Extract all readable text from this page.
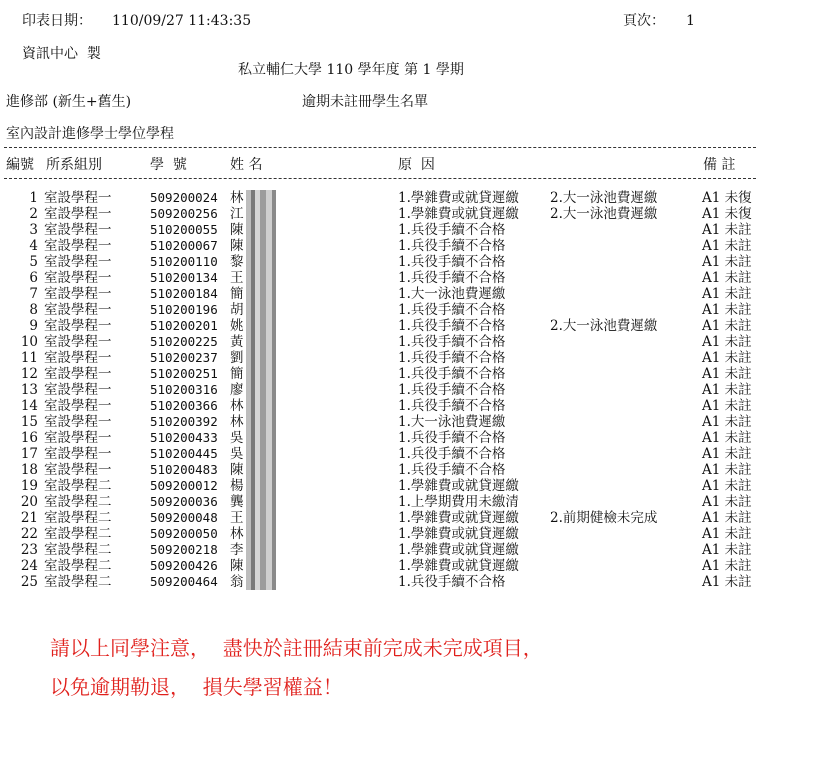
印表日期： 110/09/27 11:43:35	頁次： 1
資訊中心  製
私立輔仁大學 110 學年度 第 1 學期
進修部 (新生+舊生)	逾期未註冊學生名單
室內設計進修學士學位學程
編號 所系組別	學  號	姓 名	原  因	備 註
1 室設學程一	509200024 林	1.學雜費或就貸遲繳 2.大一泳池費遲繳	A1 未復
2 室設學程一	509200256 江	1.學雜費或就貸遲繳 2.大一泳池費遲繳	A1 未復
3 室設學程一	510200055 陳	1.兵役手續不合格	A1 未註
4 室設學程一	510200067 陳	1.兵役手續不合格	A1 未註
5 室設學程一	510200110 黎	1.兵役手續不合格	A1 未註
6 室設學程一	510200134 王	1.兵役手續不合格	A1 未註
7 室設學程一	510200184 簡	1.大一泳池費遲繳	A1 未註
8 室設學程一	510200196 胡	1.兵役手續不合格	A1 未註
9 室設學程一	510200201 姚	1.兵役手續不合格	2.大一泳池費遲繳	A1 未註
10 室設學程一	510200225 黃	1.兵役手續不合格	A1 未註
11 室設學程一	510200237 劉	1.兵役手續不合格	A1 未註
12 室設學程一	510200251 簡	1.兵役手續不合格	A1 未註
13 室設學程一	510200316 廖	1.兵役手續不合格	A1 未註
14 室設學程一	510200366 林	1.兵役手續不合格	A1 未註
15 室設學程一	510200392 林	1.大一泳池費遲繳	A1 未註
16 室設學程一	510200433 吳	1.兵役手續不合格	A1 未註
17 室設學程一	510200445 吳	1.兵役手續不合格	A1 未註
18 室設學程一	510200483 陳	1.兵役手續不合格	A1 未註
19 室設學程二	509200012 楊	1.學雜費或就貸遲繳	A1 未註
20 室設學程二	509200036 龔	1.上學期費用未繳清	A1 未註
21 室設學程二	509200048 王	1.學雜費或就貸遲繳 2.前期健檢未完成	A1 未註
22 室設學程二	509200050 林	1.學雜費或就貸遲繳	A1 未註
23 室設學程二	509200218 李	1.學雜費或就貸遲繳	A1 未註
24 室設學程二	509200426 陳	1.學雜費或就貸遲繳	A1 未註
25 室設學程二	509200464 翁	1.兵役手續不合格	A1 未註
請以上同學注意，  盡快於註冊結束前完成未完成項目，
以免逾期勒退，  損失學習權益！
